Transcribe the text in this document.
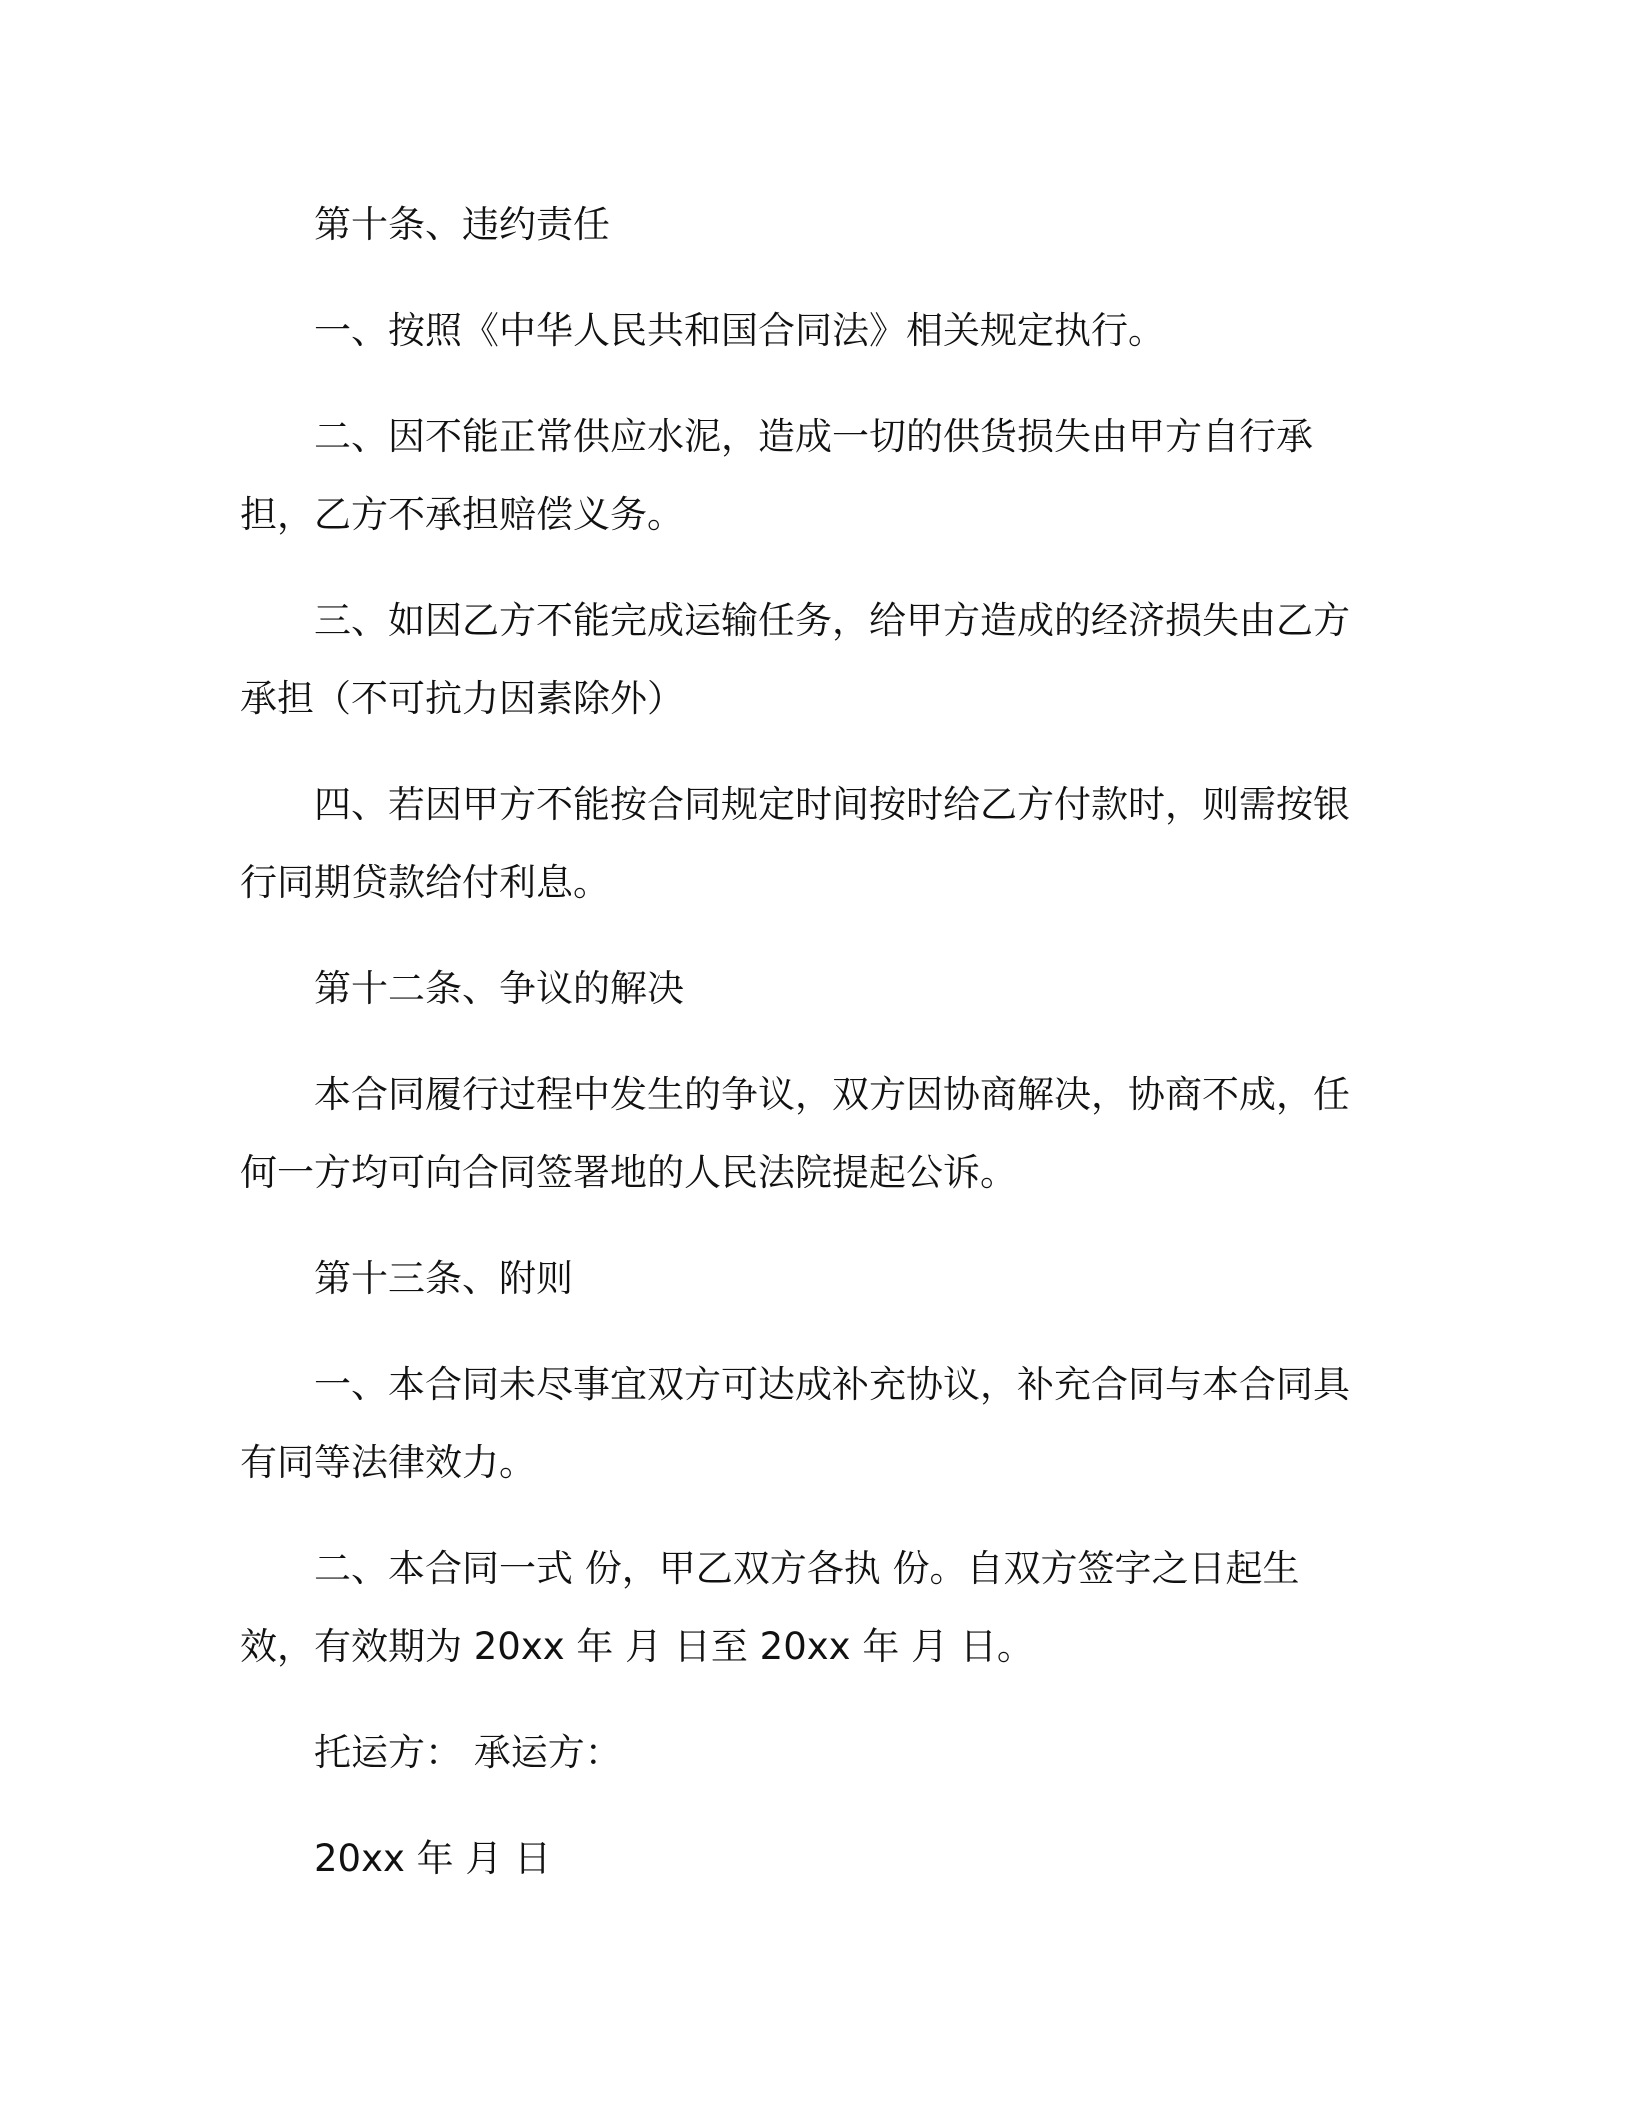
第十条、违约责任

一、按照《中华人民共和国合同法》相关规定执行。

二、因不能正常供应水泥，造成一切的供货损失由甲方自行承担，乙方不承担赔偿义务。

三、如因乙方不能完成运输任务，给甲方造成的经济损失由乙方承担（不可抗力因素除外）

四、若因甲方不能按合同规定时间按时给乙方付款时，则需按银行同期贷款给付利息。

第十二条、争议的解决

本合同履行过程中发生的争议，双方因协商解决，协商不成，任何一方均可向合同签署地的人民法院提起公诉。

第十三条、附则

一、本合同未尽事宜双方可达成补充协议，补充合同与本合同具有同等法律效力。

二、本合同一式 份，甲乙双方各执 份。自双方签字之日起生效，有效期为 20xx 年 月 日至 20xx 年 月 日。

托运方： 承运方：

20xx 年 月 日
